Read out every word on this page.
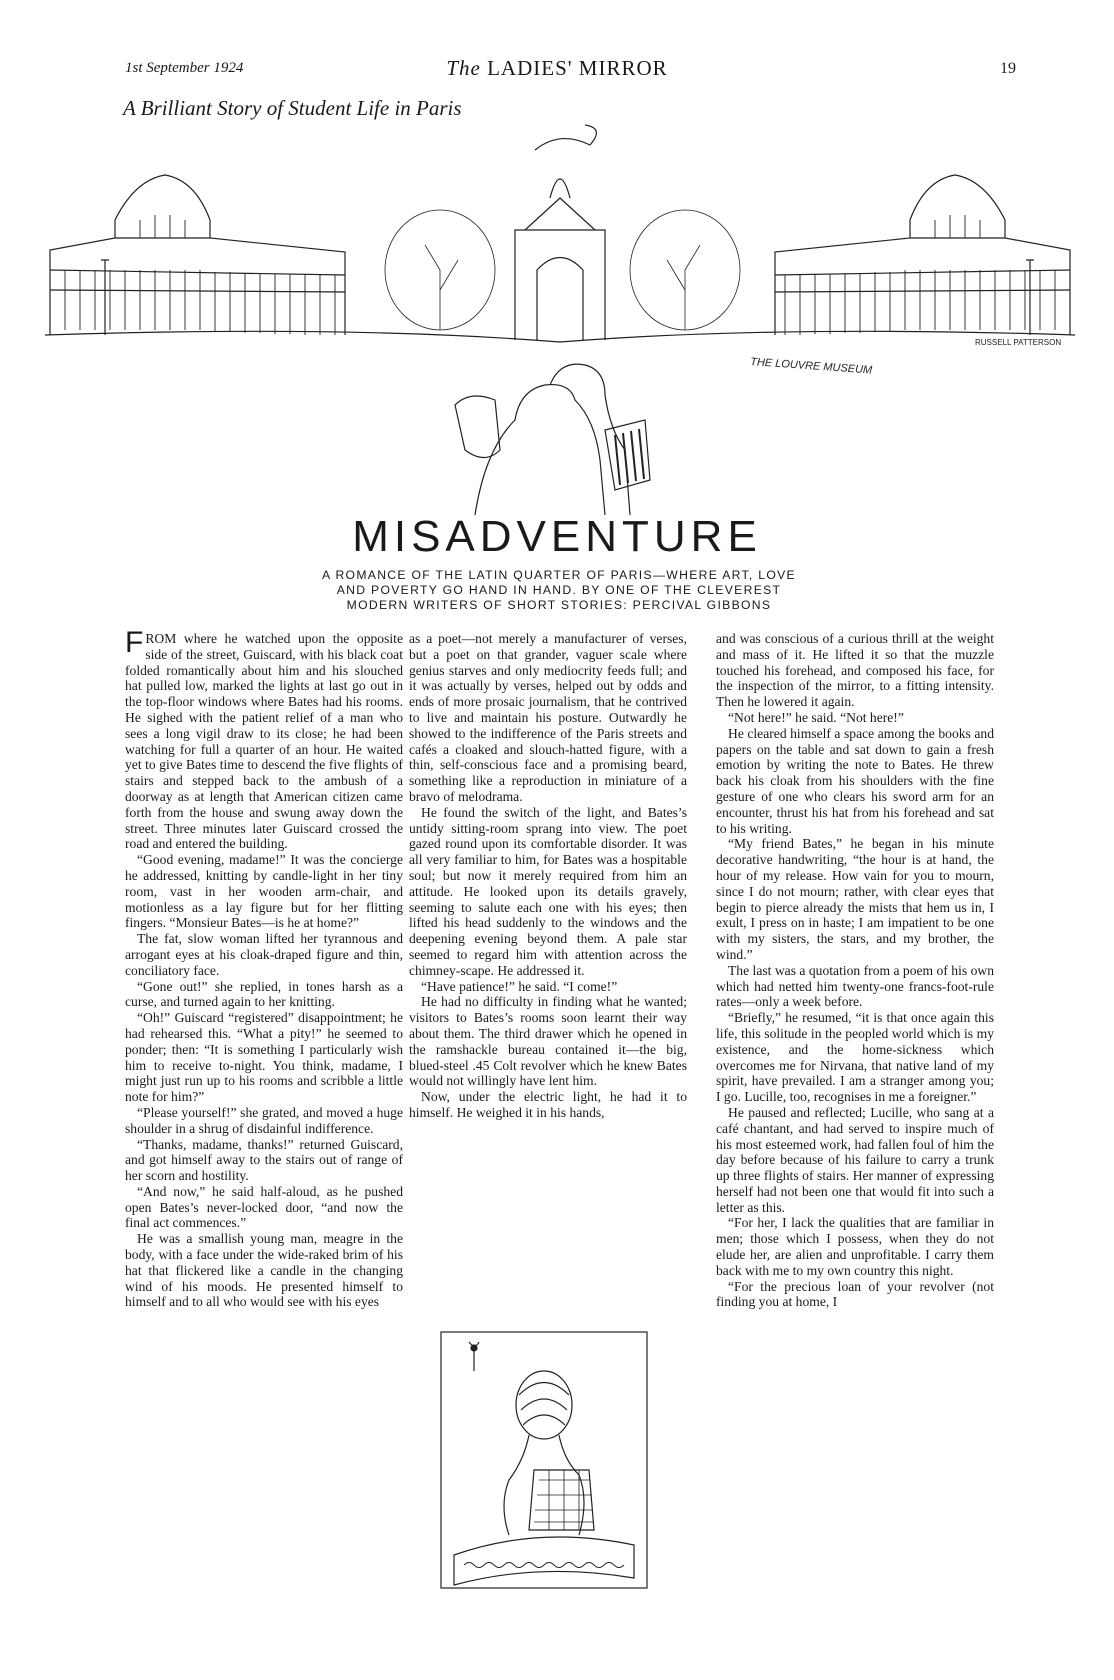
1st September 1924	The LADIES' MIRROR	19
A Brilliant Story of Student Life in Paris
THE LOUVRE MUSEUM
RUSSELL PATTERSON
MISADVENTURE
A ROMANCE OF THE LATIN QUARTER OF PARIS—WHERE ART, LOVE
AND POVERTY GO HAND IN HAND. BY ONE OF THE CLEVEREST
MODERN WRITERS OF SHORT STORIES: PERCIVAL GIBBONS

FROM where he watched upon the opposite side of the street, Guiscard, with his black coat folded romantically about him and his slouched hat pulled low, marked the lights at last go out in the top-floor windows where Bates had his rooms. He sighed with the patient relief of a man who sees a long vigil draw to its close; he had been watching for full a quarter of an hour. He waited yet to give Bates time to descend the five flights of stairs and stepped back to the ambush of a doorway as at length that American citizen came forth from the house and swung away down the street. Three minutes later Guiscard crossed the road and entered the building.

“Good evening, madame!” It was the concierge he addressed, knitting by candle-light in her tiny room, vast in her wooden arm-chair, and motionless as a lay figure but for her flitting fingers. “Monsieur Bates—is he at home?”

The fat, slow woman lifted her tyrannous and arrogant eyes at his cloak-draped figure and thin, conciliatory face.

“Gone out!” she replied, in tones harsh as a curse, and turned again to her knitting.

“Oh!” Guiscard “registered” disappointment; he had rehearsed this. “What a pity!” he seemed to ponder; then: “It is something I particularly wish him to receive to-night. You think, madame, I might just run up to his rooms and scribble a little note for him?”

“Please yourself!” she grated, and moved a huge shoulder in a shrug of disdainful indifference.

“Thanks, madame, thanks!” returned Guiscard, and got himself away to the stairs out of range of her scorn and hostility.

“And now,” he said half-aloud, as he pushed open Bates’s never-locked door, “and now the final act commences.”

He was a smallish young man, meagre in the body, with a face under the wide-raked brim of his hat that flickered like a candle in the changing wind of his moods. He presented himself to himself and to all who would see with his eyes

as a poet—not merely a manufacturer of verses, but a poet on that grander, vaguer scale where genius starves and only mediocrity feeds full; and it was actually by verses, helped out by odds and ends of more prosaic journalism, that he contrived to live and maintain his posture. Outwardly he showed to the indifference of the Paris streets and cafés a cloaked and slouch-hatted figure, with a thin, self-conscious face and a promising beard, something like a reproduction in miniature of a bravo of melodrama.

He found the switch of the light, and Bates’s untidy sitting-room sprang into view. The poet gazed round upon its comfortable disorder. It was all very familiar to him, for Bates was a hospitable soul; but now it merely required from him an attitude. He looked upon its details gravely, seeming to salute each one with his eyes; then lifted his head suddenly to the windows and the deepening evening beyond them. A pale star seemed to regard him with attention across the chimney-scape. He addressed it.

“Have patience!” he said. “I come!”

He had no difficulty in finding what he wanted; visitors to Bates’s rooms soon learnt their way about them. The third drawer which he opened in the ramshackle bureau contained it—the big, blued-steel .45 Colt revolver which he knew Bates would not willingly have lent him.

Now, under the electric light, he had it to himself. He weighed it in his hands,

and was conscious of a curious thrill at the weight and mass of it. He lifted it so that the muzzle touched his forehead, and composed his face, for the inspection of the mirror, to a fitting intensity. Then he lowered it again.

“Not here!” he said. “Not here!”

He cleared himself a space among the books and papers on the table and sat down to gain a fresh emotion by writing the note to Bates. He threw back his cloak from his shoulders with the fine gesture of one who clears his sword arm for an encounter, thrust his hat from his forehead and sat to his writing.

“My friend Bates,” he began in his minute decorative handwriting, “the hour is at hand, the hour of my release. How vain for you to mourn, since I do not mourn; rather, with clear eyes that begin to pierce already the mists that hem us in, I exult, I press on in haste; I am impatient to be one with my sisters, the stars, and my brother, the wind.”

The last was a quotation from a poem of his own which had netted him twenty-one francs-foot-rule rates—only a week before.

“Briefly,” he resumed, “it is that once again this life, this solitude in the peopled world which is my existence, and the home-sickness which overcomes me for Nirvana, that native land of my spirit, have prevailed. I am a stranger among you; I go. Lucille, too, recognises in me a foreigner.”

He paused and reflected; Lucille, who sang at a café chantant, and had served to inspire much of his most esteemed work, had fallen foul of him the day before because of his failure to carry a trunk up three flights of stairs. Her manner of expressing herself had not been one that would fit into such a letter as this.

“For her, I lack the qualities that are familiar in men; those which I possess, when they do not elude her, are alien and unprofitable. I carry them back with me to my own country this night.

“For the precious loan of your revolver (not finding you at home, I
